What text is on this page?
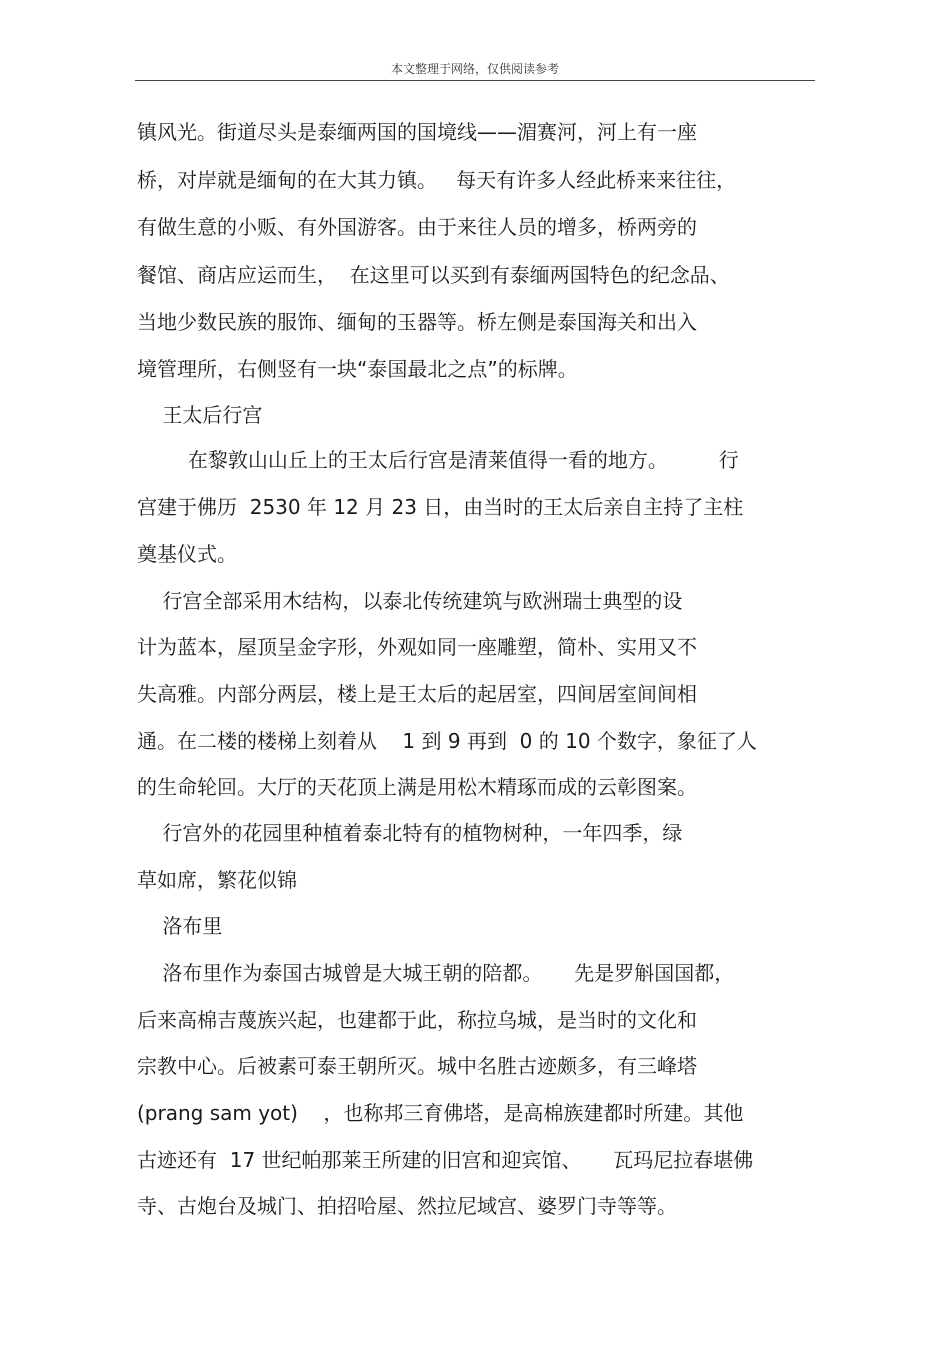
本文整理于网络，仅供阅读参考
镇风光。街道尽头是泰缅两国的国境线——湄赛河，河上有一座
桥，对岸就是缅甸的在大其力镇。   每天有许多人经此桥来来往往，
有做生意的小贩、有外国游客。由于来往人员的增多，桥两旁的
餐馆、商店应运而生，  在这里可以买到有泰缅两国特色的纪念品、
当地少数民族的服饰、缅甸的玉器等。桥左侧是泰国海关和出入
境管理所，右侧竖有一块“泰国最北之点”的标牌。
王太后行宫
在黎敦山山丘上的王太后行宫是清莱值得一看的地方。        行
宫建于佛历  2530 年 12 月 23 日，由当时的王太后亲自主持了主柱
奠基仪式。
行宫全部采用木结构，以泰北传统建筑与欧洲瑞士典型的设
计为蓝本，屋顶呈金字形，外观如同一座雕塑，简朴、实用又不
失高雅。内部分两层，楼上是王太后的起居室，四间居室间间相
通。在二楼的楼梯上刻着从    1 到 9 再到  0 的 10 个数字，象征了人
的生命轮回。大厅的天花顶上满是用松木精琢而成的云彰图案。
行宫外的花园里种植着泰北特有的植物树种，一年四季，绿
草如席，繁花似锦
洛布里
洛布里作为泰国古城曾是大城王朝的陪都。     先是罗斛国国都，
后来高棉吉蔑族兴起，也建都于此，称拉乌城，是当时的文化和
宗教中心。后被素可泰王朝所灭。城中名胜古迹颇多，有三峰塔
(prang sam yot)    ，也称邦三育佛塔，是高棉族建都时所建。其他
古迹还有  17 世纪帕那莱王所建的旧宫和迎宾馆、     瓦玛尼拉春堪佛
寺、古炮台及城门、拍招哈屋、然拉尼域宫、婆罗门寺等等。
